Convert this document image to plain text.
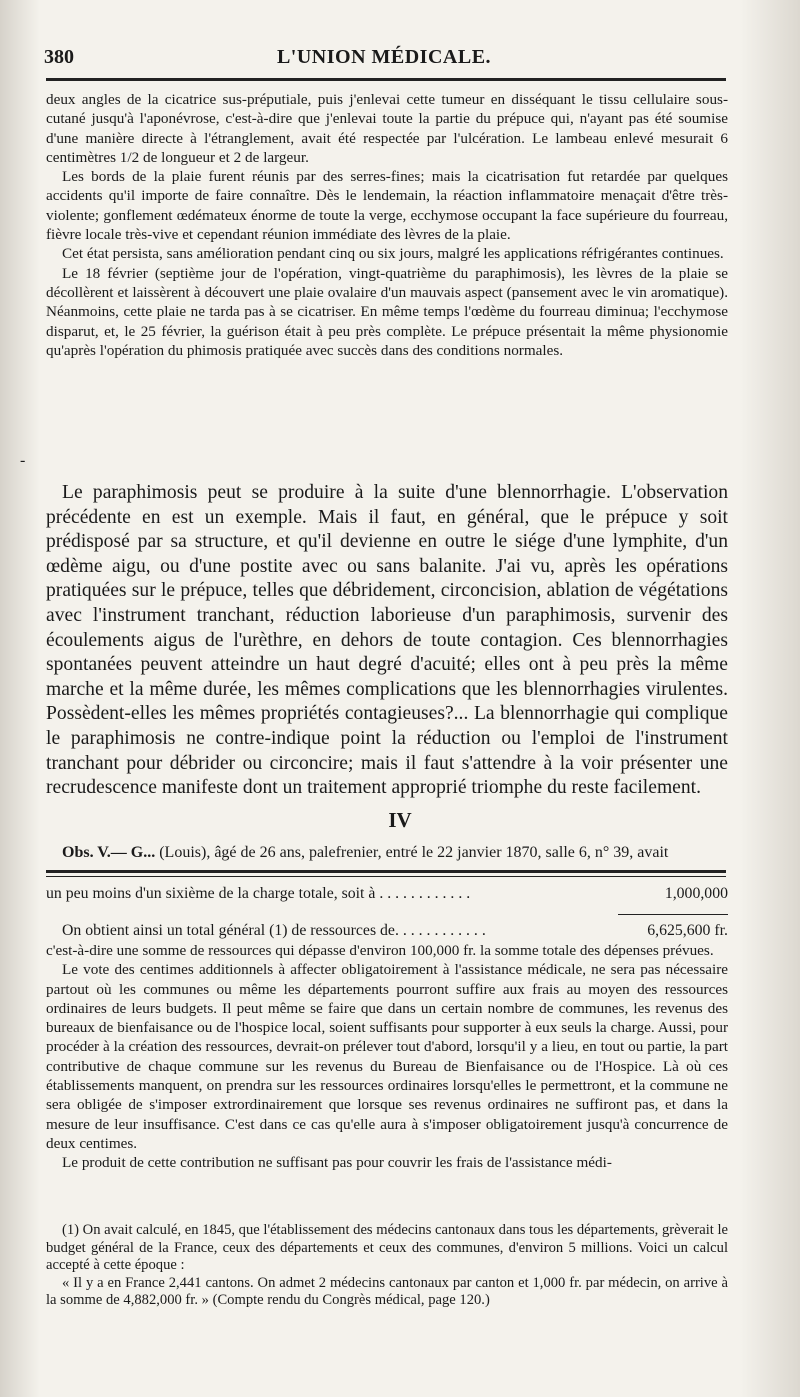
380	L'UNION MÉDICALE.

deux angles de la cicatrice sus-préputiale, puis j'enlevai cette tumeur en disséquant le tissu cellulaire sous-cutané jusqu'à l'aponévrose, c'est-à-dire que j'enlevai toute la partie du prépuce qui, n'ayant pas été soumise d'une manière directe à l'étranglement, avait été respectée par l'ulcération. Le lambeau enlevé mesurait 6 centimètres 1/2 de longueur et 2 de largeur.

Les bords de la plaie furent réunis par des serres-fines; mais la cicatrisation fut retardée par quelques accidents qu'il importe de faire connaître. Dès le lendemain, la réaction inflammatoire menaçait d'être très-violente; gonflement œdémateux énorme de toute la verge, ecchymose occupant la face supérieure du fourreau, fièvre locale très-vive et cependant réunion immédiate des lèvres de la plaie.

Cet état persista, sans amélioration pendant cinq ou six jours, malgré les applications réfrigérantes continues.

Le 18 février (septième jour de l'opération, vingt-quatrième du paraphimosis), les lèvres de la plaie se décollèrent et laissèrent à découvert une plaie ovalaire d'un mauvais aspect (pansement avec le vin aromatique). Néanmoins, cette plaie ne tarda pas à se cicatriser. En même temps l'œdème du fourreau diminua; l'ecchymose disparut, et, le 25 février, la guérison était à peu près complète. Le prépuce présentait la même physionomie qu'après l'opération du phimosis pratiquée avec succès dans des conditions normales.

-

Le paraphimosis peut se produire à la suite d'une blennorrhagie. L'observation précédente en est un exemple. Mais il faut, en général, que le prépuce y soit prédisposé par sa structure, et qu'il devienne en outre le siége d'une lymphite, d'un œdème aigu, ou d'une postite avec ou sans balanite. J'ai vu, après les opérations pratiquées sur le prépuce, telles que débridement, circoncision, ablation de végétations avec l'instrument tranchant, réduction laborieuse d'un paraphimosis, survenir des écoulements aigus de l'urèthre, en dehors de toute contagion. Ces blennorrhagies spontanées peuvent atteindre un haut degré d'acuité; elles ont à peu près la même marche et la même durée, les mêmes complications que les blennorrhagies virulentes. Possèdent-elles les mêmes propriétés contagieuses?... La blennorrhagie qui complique le paraphimosis ne contre-indique point la réduction ou l'emploi de l'instrument tranchant pour débrider ou circoncire; mais il faut s'attendre à la voir présenter une recrudescence manifeste dont un traitement approprié triomphe du reste facilement.

IV

Obs. V.— G... (Louis), âgé de 26 ans, palefrenier, entré le 22 janvier 1870, salle 6, n° 39, avait

un peu moins d'un sixième de la charge totale, soit à . . . . . . . . . . . .	1,000,000
On obtient ainsi un total général (1) de ressources de. . . . . . . . . . . .	6,625,600 fr.

c'est-à-dire une somme de ressources qui dépasse d'environ 100,000 fr. la somme totale des dépenses prévues.

Le vote des centimes additionnels à affecter obligatoirement à l'assistance médicale, ne sera pas nécessaire partout où les communes ou même les départements pourront suffire aux frais au moyen des ressources ordinaires de leurs budgets. Il peut même se faire que dans un certain nombre de communes, les revenus des bureaux de bienfaisance ou de l'hospice local, soient suffisants pour supporter à eux seuls la charge. Aussi, pour procéder à la création des ressources, devrait-on prélever tout d'abord, lorsqu'il y a lieu, en tout ou partie, la part contributive de chaque commune sur les revenus du Bureau de Bienfaisance ou de l'Hospice. Là où ces établissements manquent, on prendra sur les ressources ordinaires lorsqu'elles le permettront, et la commune ne sera obligée de s'imposer extrordinairement que lorsque ses revenus ordinaires ne suffiront pas, et dans la mesure de leur insuffisance. C'est dans ce cas qu'elle aura à s'imposer obligatoirement jusqu'à concurrence de deux centimes.

Le produit de cette contribution ne suffisant pas pour couvrir les frais de l'assistance médi-

(1) On avait calculé, en 1845, que l'établissement des médecins cantonaux dans tous les départements, grèverait le budget général de la France, ceux des départements et ceux des communes, d'environ 5 millions. Voici un calcul accepté à cette époque :

« Il y a en France 2,441 cantons. On admet 2 médecins cantonaux par canton et 1,000 fr. par médecin, on arrive à la somme de 4,882,000 fr. » (Compte rendu du Congrès médical, page 120.)
